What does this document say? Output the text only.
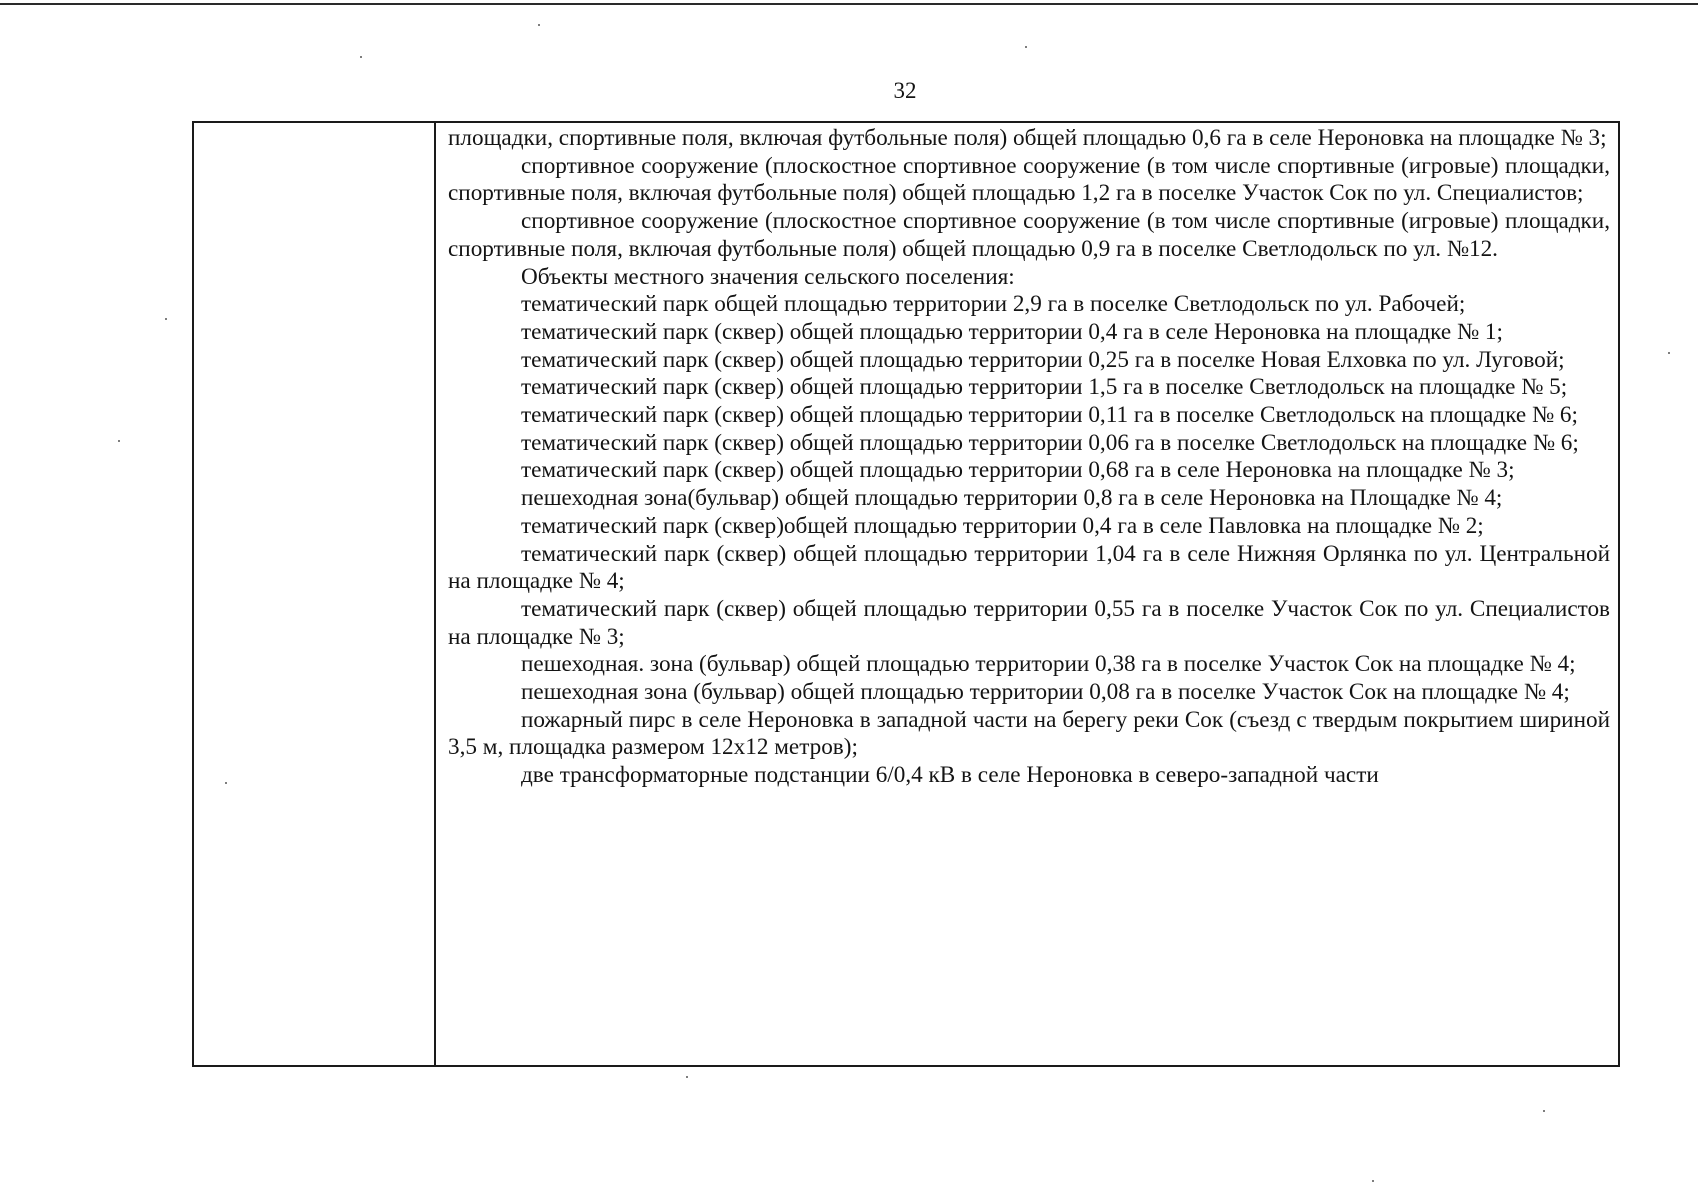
32

площадки, спортивные поля, включая футбольные поля) общей площадью 0,6 га в селе Нероновка на площадке № 3;

спортивное сооружение (плоскостное спортивное сооружение (в том числе спортивные (игровые) площадки, спортивные поля, включая футбольные поля) общей площадью 1,2 га в поселке Участок Сок по ул. Специалистов;

спортивное сооружение (плоскостное спортивное сооружение (в том числе спортивные (игровые) площадки, спортивные поля, включая футбольные поля) общей площадью 0,9 га в поселке Светлодольск по ул. №12.

Объекты местного значения сельского поселения:

тематический парк общей площадью территории 2,9 га в поселке Светлодольск по ул. Рабочей;

тематический парк (сквер) общей площадью территории 0,4 га в селе Нероновка на площадке № 1;

тематический парк (сквер) общей площадью территории 0,25 га в поселке Новая Елховка по ул. Луговой;

тематический парк (сквер) общей площадью территории 1,5 га в поселке Светлодольск на площадке № 5;

тематический парк (сквер) общей площадью территории 0,11 га в поселке Светлодольск на площадке № 6;

тематический парк (сквер) общей площадью территории 0,06 га в поселке Светлодольск на площадке № 6;

тематический парк (сквер) общей площадью территории 0,68 га в селе Нероновка на площадке № 3;

пешеходная зона(бульвар) общей площадью территории 0,8 га в селе Нероновка на Площадке № 4;

тематический парк (сквер)общей площадью территории 0,4 га в селе Павловка на площадке № 2;

тематический парк (сквер) общей площадью территории 1,04 га в селе Нижняя Орлянка по ул. Центральной на площадке № 4;

тематический парк (сквер) общей площадью территории 0,55 га в поселке Участок Сок по ул. Специалистов на площадке № 3;

пешеходная. зона (бульвар) общей площадью территории 0,38 га в поселке Участок Сок на площадке № 4;

пешеходная зона (бульвар) общей площадью территории 0,08 га в поселке Участок Сок на площадке № 4;

пожарный пирс в селе Нероновка в западной части на берегу реки Сок (съезд с твердым покрытием шириной 3,5 м, площадка размером 12х12 метров);

две трансформаторные подстанции 6/0,4 кВ в селе Нероновка в северо-западной части
